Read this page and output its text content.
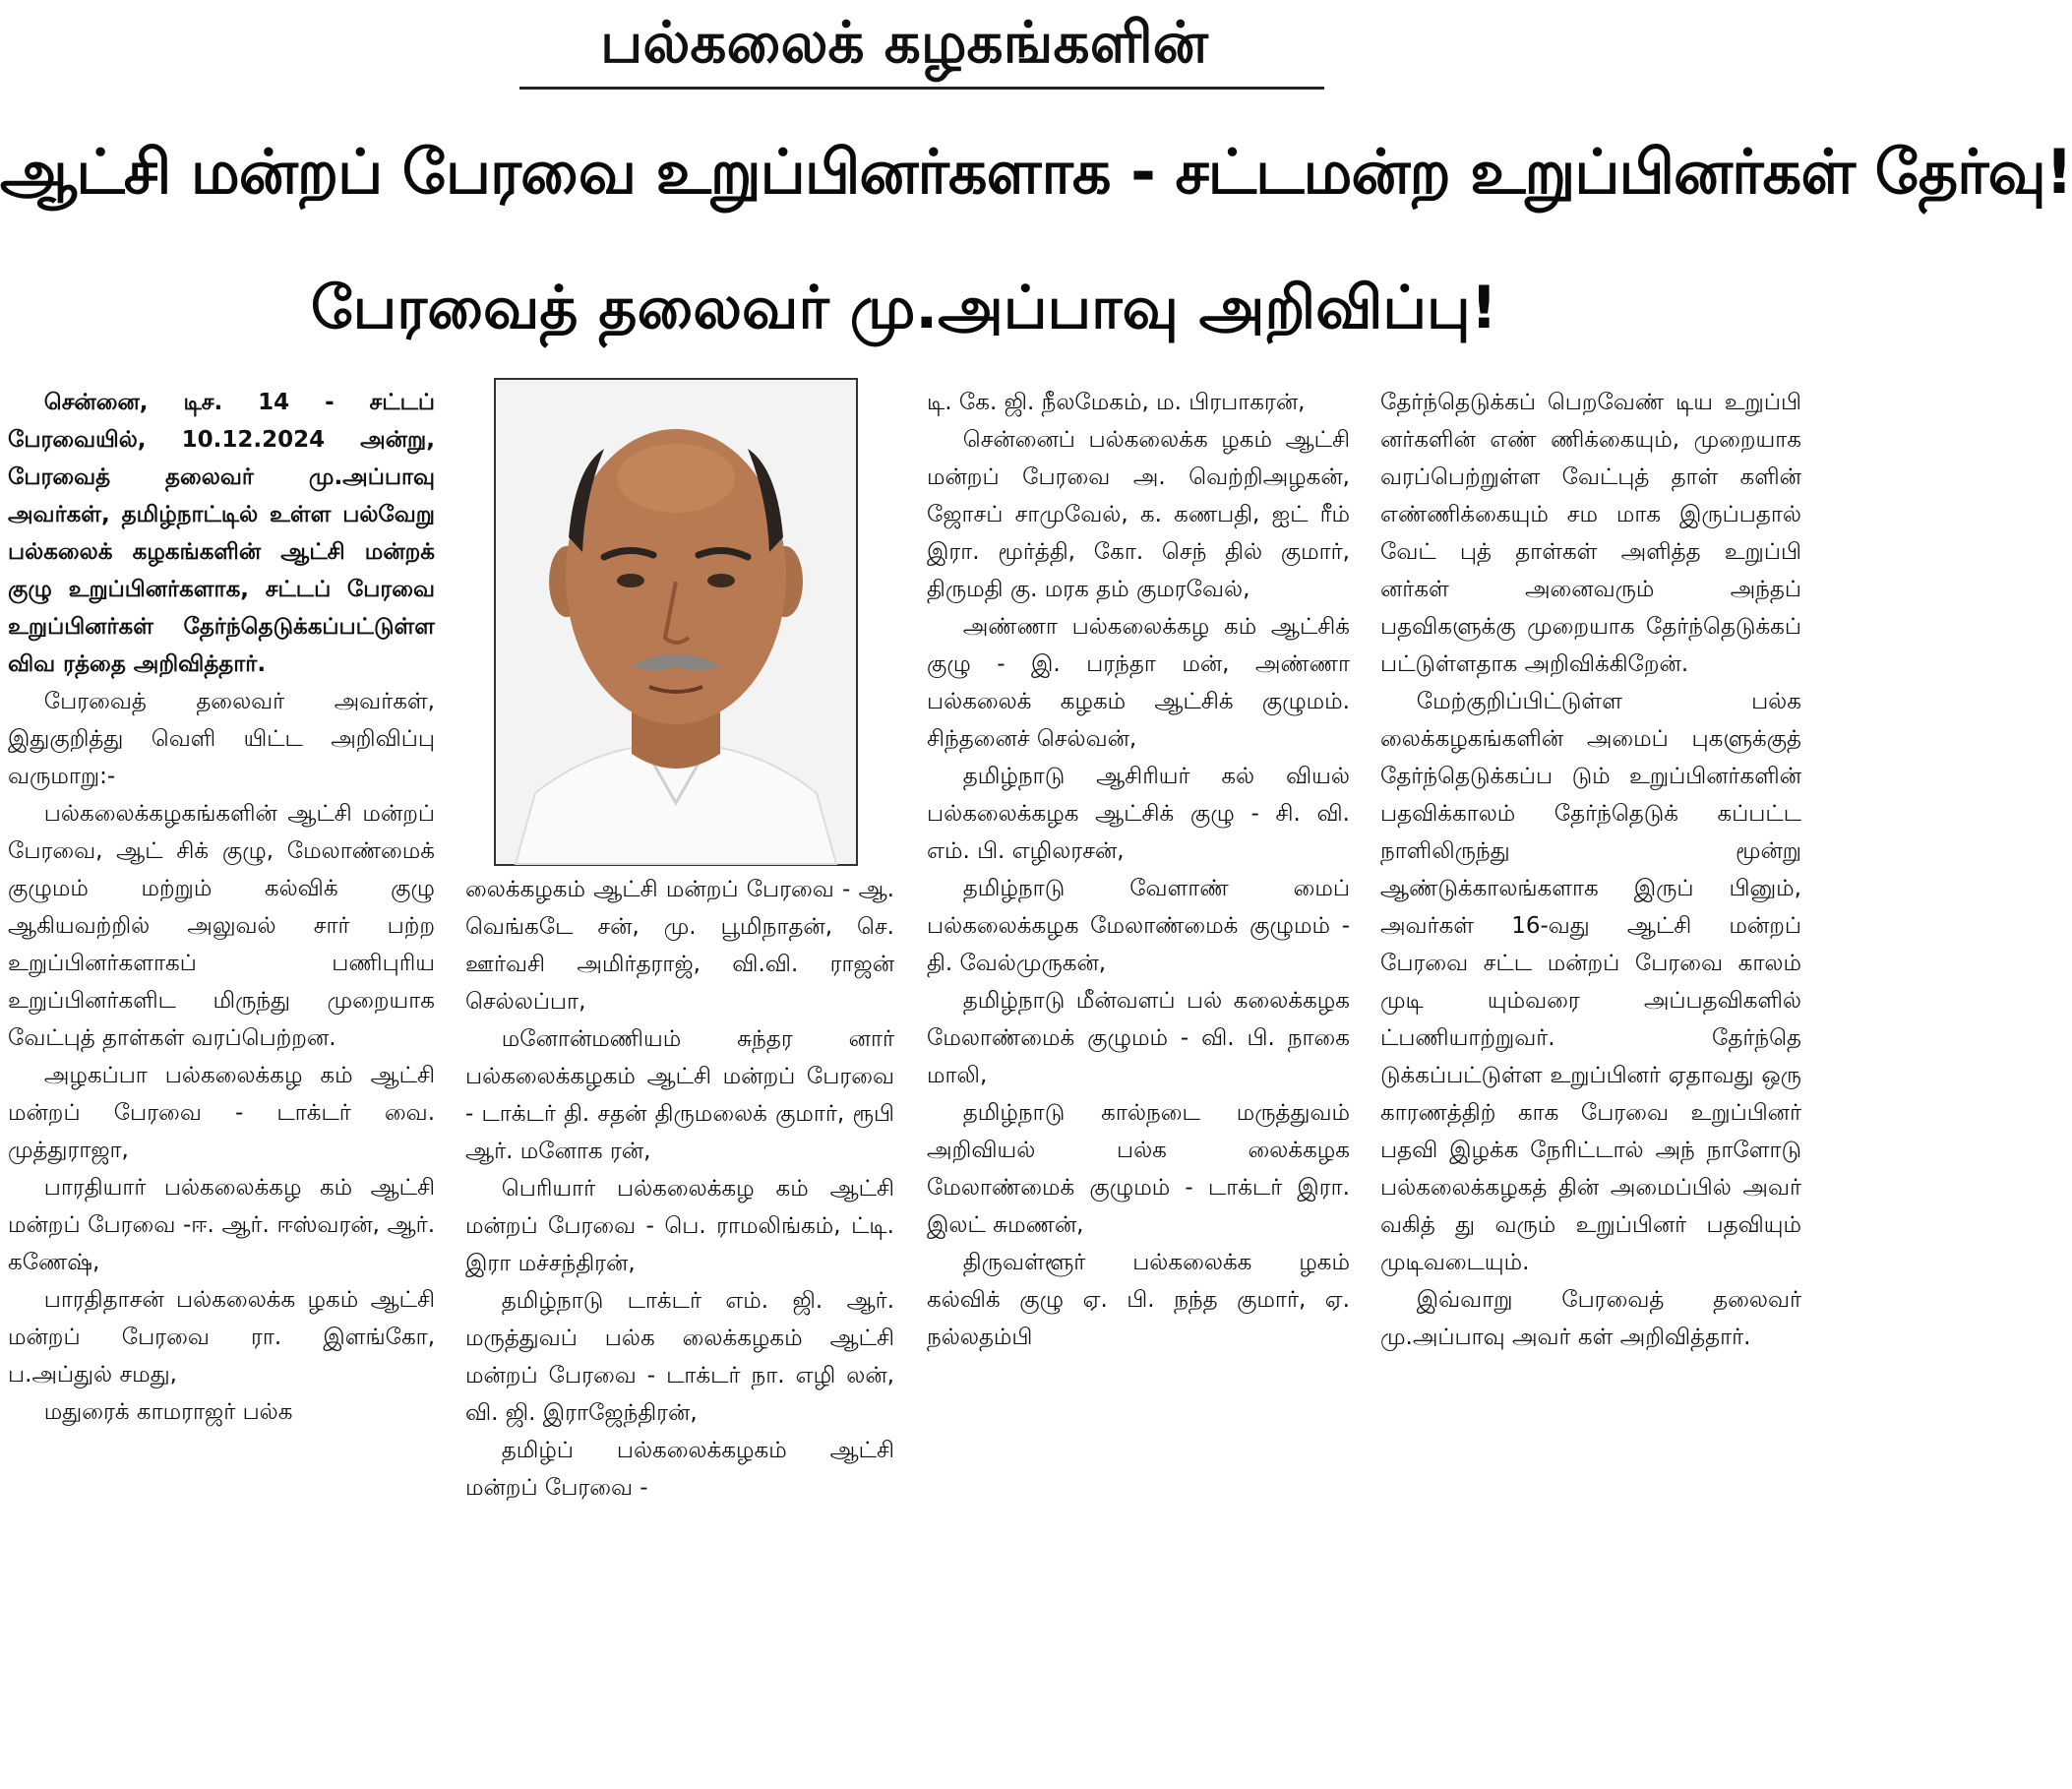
பல்கலைக் கழகங்களின்
ஆட்சி மன்றப் பேரவை உறுப்பினர்களாக - சட்டமன்ற உறுப்பினர்கள் தேர்வு!
பேரவைத் தலைவர் மு.அப்பாவு அறிவிப்பு!

சென்னை, டிச. 14 - சட்டப் பேரவையில், 10.12.2024 அன்று, பேரவைத் தலைவர் மு.அப்பாவு அவர்கள், தமிழ்நாட்டில் உள்ள பல்வேறு பல்கலைக் கழகங்களின் ஆட்சி மன்றக் குழு உறுப்பினர்களாக, சட்டப் பேரவை உறுப்பினர்கள் தேர்ந்தெடுக்கப்பட்டுள்ள விவ ரத்தை அறிவித்தார்.

பேரவைத் தலைவர் அவர்கள், இதுகுறித்து வெளி யிட்ட அறிவிப்பு வருமாறு:-

பல்கலைக்கழகங்களின் ஆட்சி மன்றப் பேரவை, ஆட் சிக் குழு, மேலாண்மைக் குழுமம் மற்றும் கல்விக் குழு ஆகியவற்றில் அலுவல் சார் பற்ற உறுப்பினர்களாகப் பணிபுரிய உறுப்பினர்களிட மிருந்து முறையாக வேட்புத் தாள்கள் வரப்பெற்றன.

அழகப்பா பல்கலைக்கழ கம் ஆட்சி மன்றப் பேரவை - டாக்டர் வை. முத்துராஜா,

பாரதியார் பல்கலைக்கழ கம் ஆட்சி மன்றப் பேரவை -ஈ. ஆர். ஈஸ்வரன், ஆர். கணேஷ்,

பாரதிதாசன் பல்கலைக்க ழகம் ஆட்சி மன்றப் பேரவை ரா. இளங்கோ, ப.அப்துல் சமது,

மதுரைக் காமராஜர் பல்க

லைக்கழகம் ஆட்சி மன்றப் பேரவை - ஆ. வெங்கடே சன், மு. பூமிநாதன், செ. ஊர்வசி அமிர்தராஜ், வி.வி. ராஜன் செல்லப்பா,

மனோன்மணியம் சுந்தர னார் பல்கலைக்கழகம் ஆட்சி மன்றப் பேரவை - டாக்டர் தி. சதன் திருமலைக் குமார், ரூபி ஆர். மனோக ரன்,

பெரியார் பல்கலைக்கழ கம் ஆட்சி மன்றப் பேரவை - பெ. ராமலிங்கம், ட்டி. இரா மச்சந்திரன்,

தமிழ்நாடு டாக்டர் எம். ஜி. ஆர். மருத்துவப் பல்க லைக்கழகம் ஆட்சி மன்றப் பேரவை - டாக்டர் நா. எழி லன், வி. ஜி. இராஜேந்திரன்,

தமிழ்ப் பல்கலைக்கழகம் ஆட்சி மன்றப் பேரவை -

டி. கே. ஜி. நீலமேகம், ம. பிரபாகரன்,

சென்னைப் பல்கலைக்க ழகம் ஆட்சி மன்றப் பேரவை அ. வெற்றிஅழகன், ஜோசப் சாமுவேல், க. கணபதி, ஐட் ரீம் இரா. மூர்த்தி, கோ. செந் தில் குமார், திருமதி கு. மரக தம் குமரவேல்,

அண்ணா பல்கலைக்கழ கம் ஆட்சிக் குழு - இ. பரந்தா மன், அண்ணா பல்கலைக் கழகம் ஆட்சிக் குழுமம். சிந்தனைச் செல்வன்,

தமிழ்நாடு ஆசிரியர் கல் வியல் பல்கலைக்கழக ஆட்சிக் குழு - சி. வி. எம். பி. எழிலரசன்,

தமிழ்நாடு வேளாண் மைப் பல்கலைக்கழக மேலாண்மைக் குழுமம் - தி. வேல்முருகன்,

தமிழ்நாடு மீன்வளப் பல் கலைக்கழக மேலாண்மைக் குழுமம் - வி. பி. நாகை மாலி,

தமிழ்நாடு கால்நடை மருத்துவம் அறிவியல் பல்க லைக்கழக மேலாண்மைக் குழுமம் - டாக்டர் இரா. இலட் சுமணன்,

திருவள்ளூர் பல்கலைக்க ழகம் கல்விக் குழு ஏ. பி. நந்த குமார், ஏ. நல்லதம்பி

தேர்ந்தெடுக்கப் பெறவேண் டிய உறுப்பி னர்களின் எண் ணிக்கையும், முறையாக வரப்பெற்றுள்ள வேட்புத் தாள் களின் எண்ணிக்கையும் சம மாக இருப்பதால் வேட் புத் தாள்கள் அளித்த உறுப்பி னர்கள் அனைவரும் அந்தப் பதவிகளுக்கு முறையாக தேர்ந்தெடுக்கப் பட்டுள்ளதாக அறிவிக்கிறேன்.

மேற்குறிப்பிட்டுள்ள பல்க லைக்கழகங்களின் அமைப் புகளுக்குத் தேர்ந்தெடுக்கப்ப டும் உறுப்பினர்களின் பதவிக்காலம் தேர்ந்தெடுக் கப்பட்ட நாளிலிருந்து மூன்று ஆண்டுக்காலங்களாக இருப் பினும், அவர்கள் 16-வது ஆட்சி மன்றப் பேரவை சட்ட மன்றப் பேரவை காலம் முடி யும்வரை அப்பதவிகளில் ட்பணியாற்றுவர். தேர்ந்தெ டுக்கப்பட்டுள்ள உறுப்பினர் ஏதாவது ஒரு காரணத்திற் காக பேரவை உறுப்பினர் பதவி இழக்க நேரிட்டால் அந் நாளோடு பல்கலைக்கழகத் தின் அமைப்பில் அவர் வகித் து வரும் உறுப்பினர் பதவியும் முடிவடையும்.

இவ்வாறு பேரவைத் தலைவர் மு.அப்பாவு அவர் கள் அறிவித்தார்.
